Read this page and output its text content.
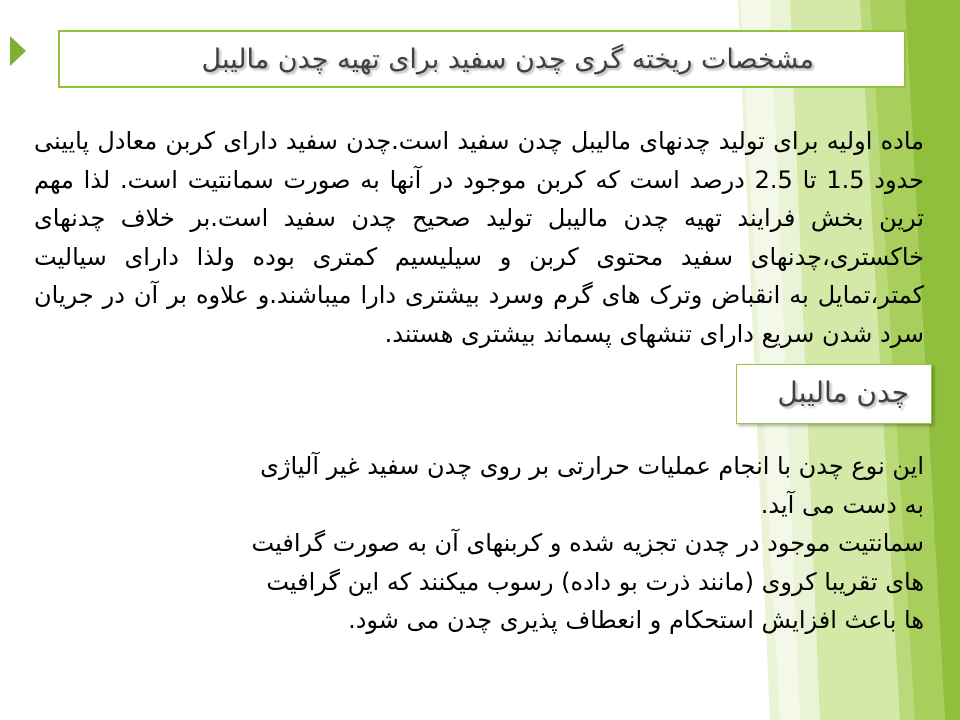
مشخصات ریخته گری چدن سفید برای تهیه چدن مالیبل
ماده اولیه برای تولید چدنهای مالیبل چدن سفید است.چدن سفید دارای کربن معادل پایینی حدود 1.5 تا 2.5 درصد است که کربن موجود در آنها به صورت سمانتیت است. لذا مهم ترین بخش فرایند تهیه چدن مالیبل تولید صحیح چدن سفید است.بر خلاف چدنهای خاکستری،چدنهای سفید محتوی کربن و سیلیسیم کمتری بوده ولذا دارای سیالیت کمتر،تمایل به انقباض وترک های گرم وسرد بیشتری دارا میباشند.و علاوه بر آن در جریان سرد شدن سریع دارای تنشهای پسماند بیشتری هستند.
این نوع چدن با انجام عملیات حرارتی بر روی چدن سفید غیر آلیاژی
به دست می آید.
سمانتیت موجود در چدن تجزیه شده و کربنهای آن به صورت گرافیت
های تقریبا کروی (مانند ذرت بو داده) رسوب میکنند که این گرافیت
ها باعث افزایش استحکام و انعطاف پذیری چدن می شود.
چدن مالیبل
